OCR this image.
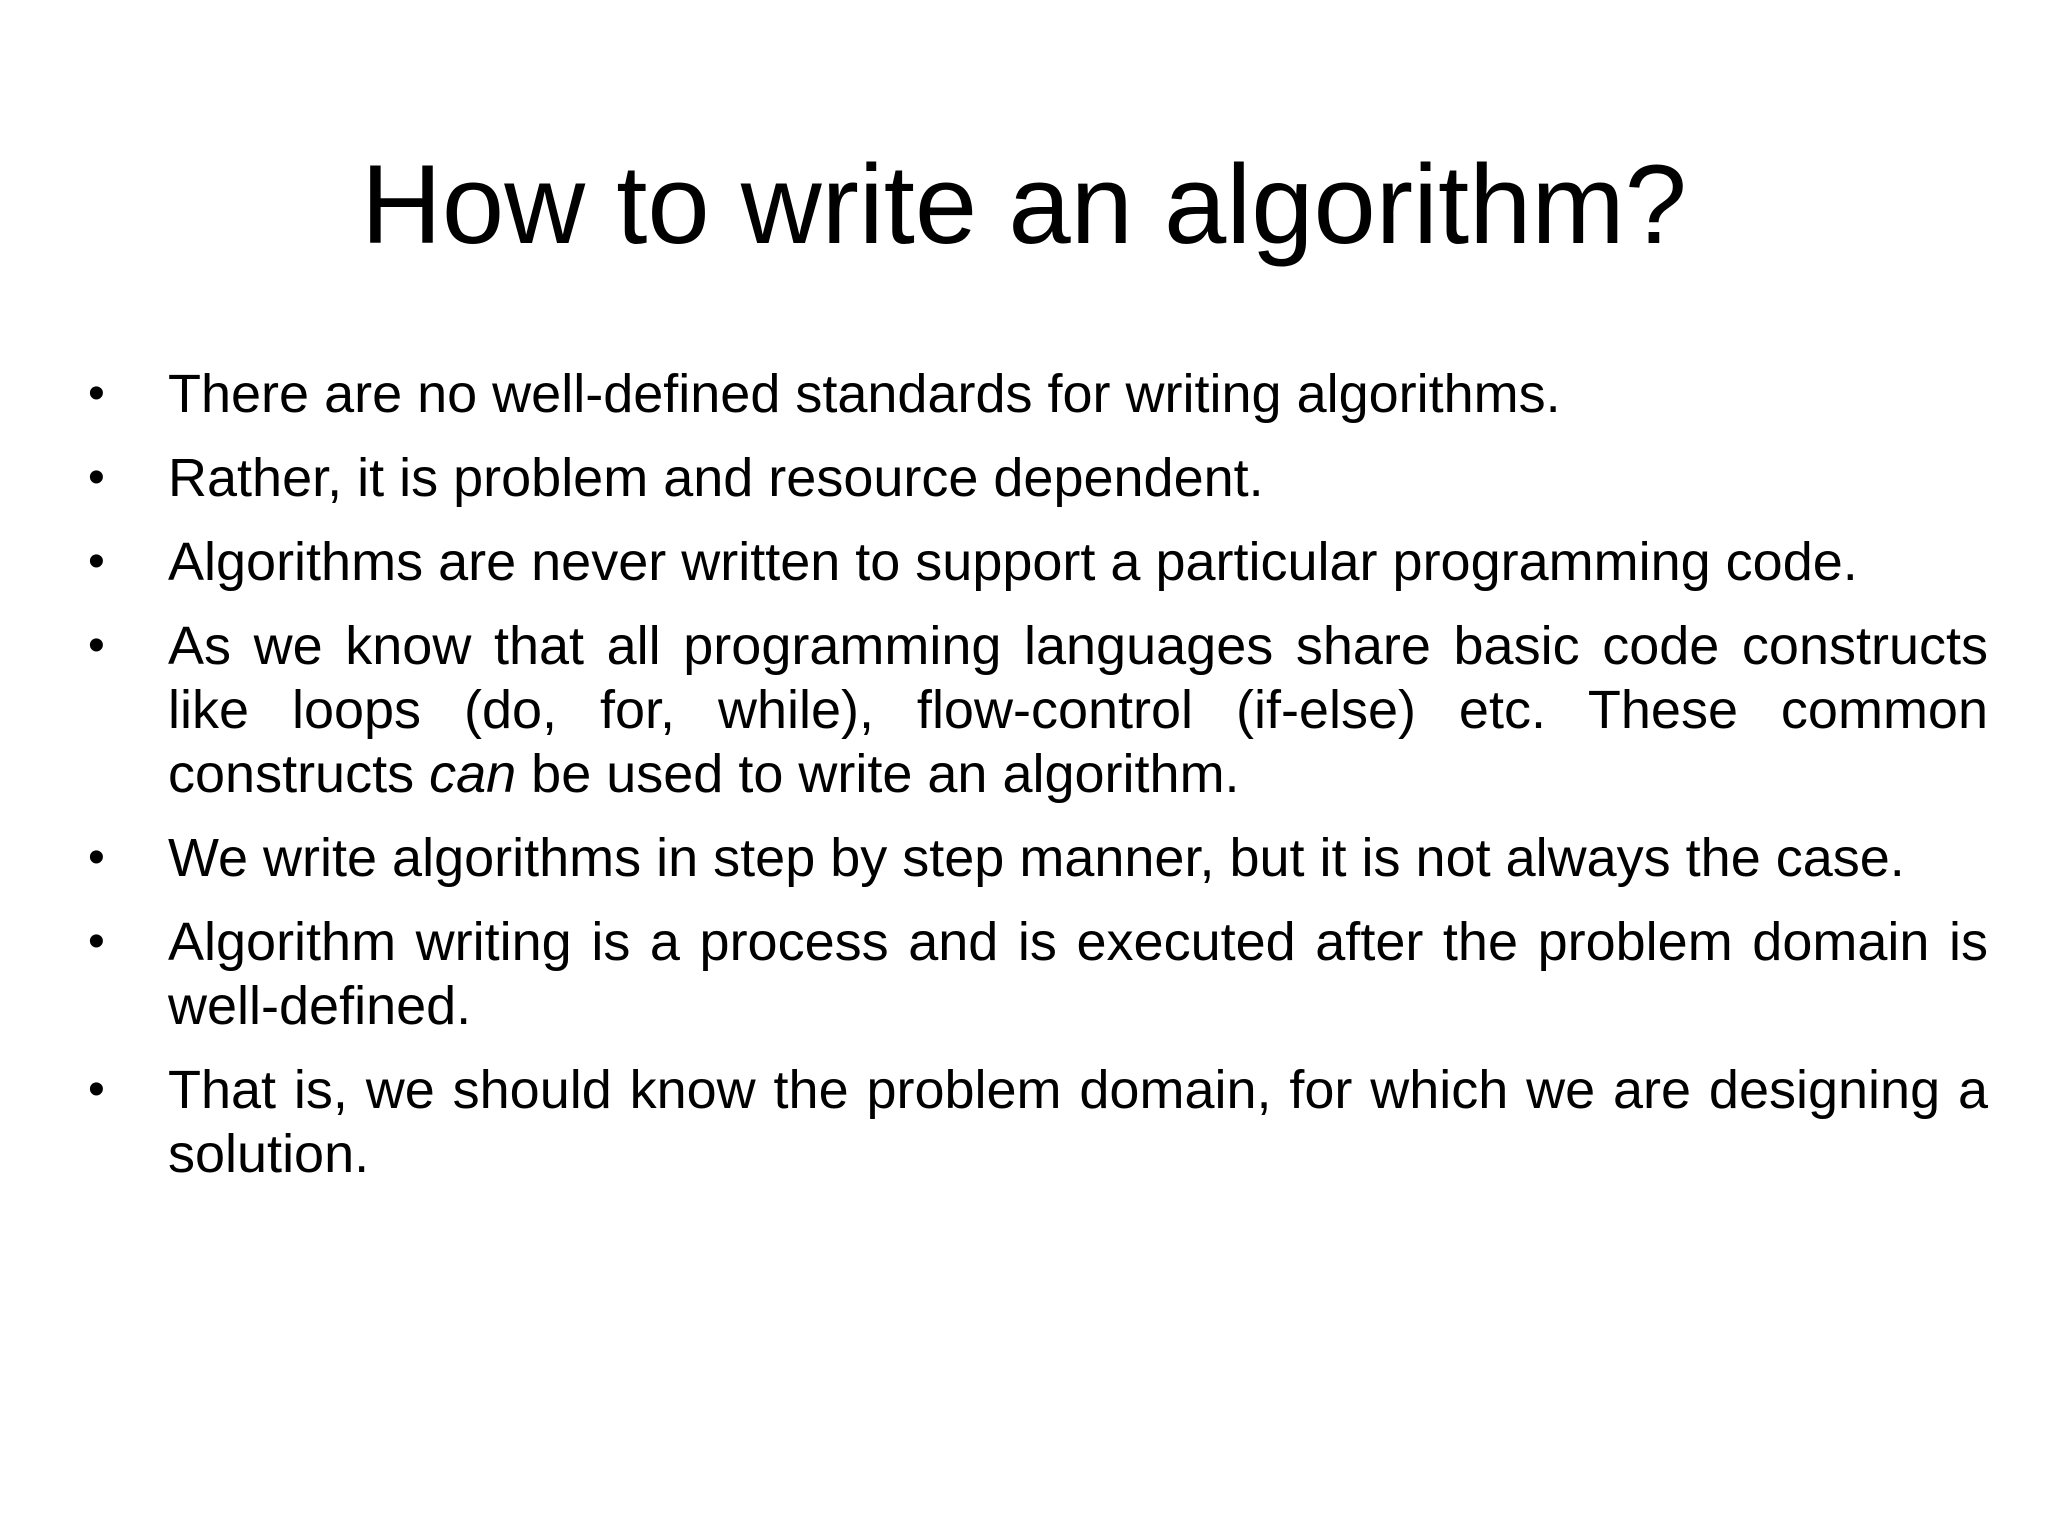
How to write an algorithm?
• There are no well-defined standards for writing algorithms.
• Rather, it is problem and resource dependent.
• Algorithms are never written to support a particular programming code.
• As we know that all programming languages share basic code constructs like loops (do, for, while), flow-control (if-else) etc. These common constructs can be used to write an algorithm.
• We write algorithms in step by step manner, but it is not always the case.
• Algorithm writing is a process and is executed after the problem domain is well-defined.
• That is, we should know the problem domain, for which we are designing a solution.
